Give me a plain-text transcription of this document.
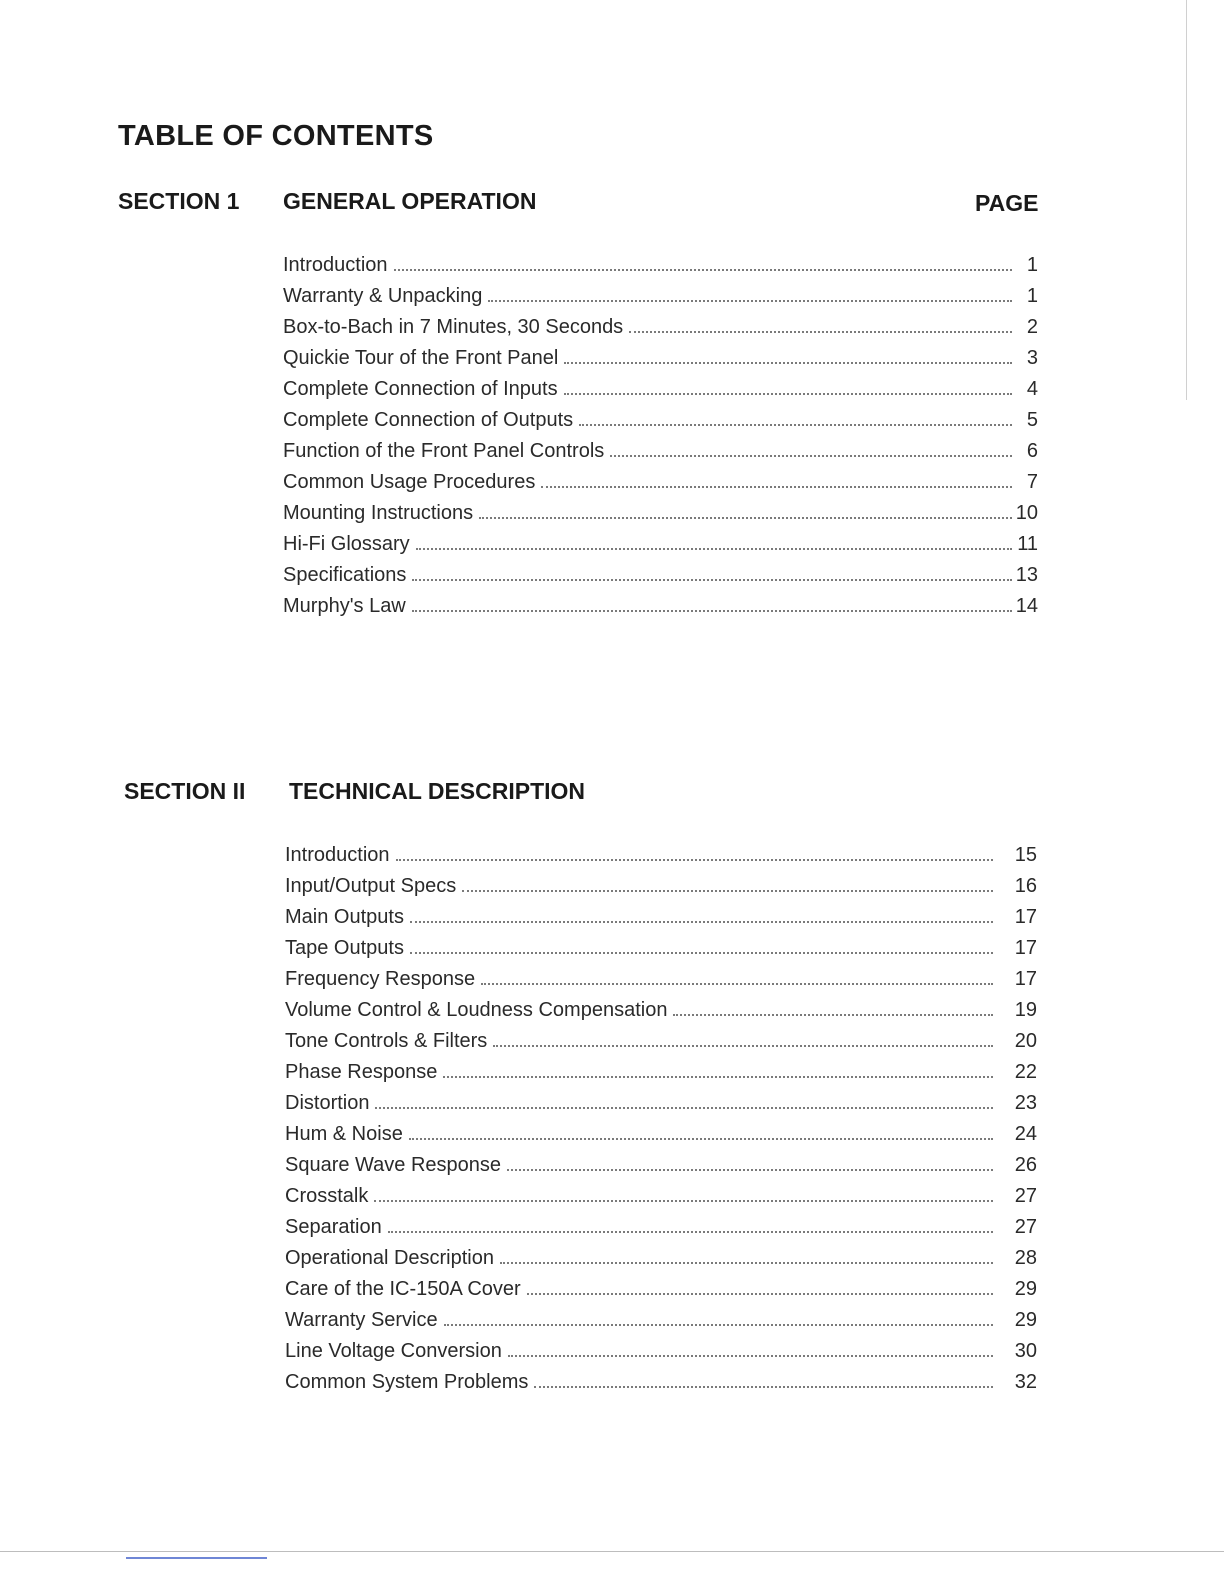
TABLE OF CONTENTS
SECTION 1 GENERAL OPERATION	PAGE
Introduction	1
Warranty & Unpacking	1
Box-to-Bach in 7 Minutes, 30 Seconds	2
Quickie Tour of the Front Panel	3
Complete Connection of Inputs	4
Complete Connection of Outputs	5
Function of the Front Panel Controls	6
Common Usage Procedures	7
Mounting Instructions	10
Hi-Fi Glossary	11
Specifications	13
Murphy's Law	14
SECTION II TECHNICAL DESCRIPTION
Introduction	15
Input/Output Specs	16
Main Outputs	17
Tape Outputs	17
Frequency Response	17
Volume Control & Loudness Compensation	19
Tone Controls & Filters	20
Phase Response	22
Distortion	23
Hum & Noise	24
Square Wave Response	26
Crosstalk	27
Separation	27
Operational Description	28
Care of the IC-150A Cover	29
Warranty Service	29
Line Voltage Conversion	30
Common System Problems	32
